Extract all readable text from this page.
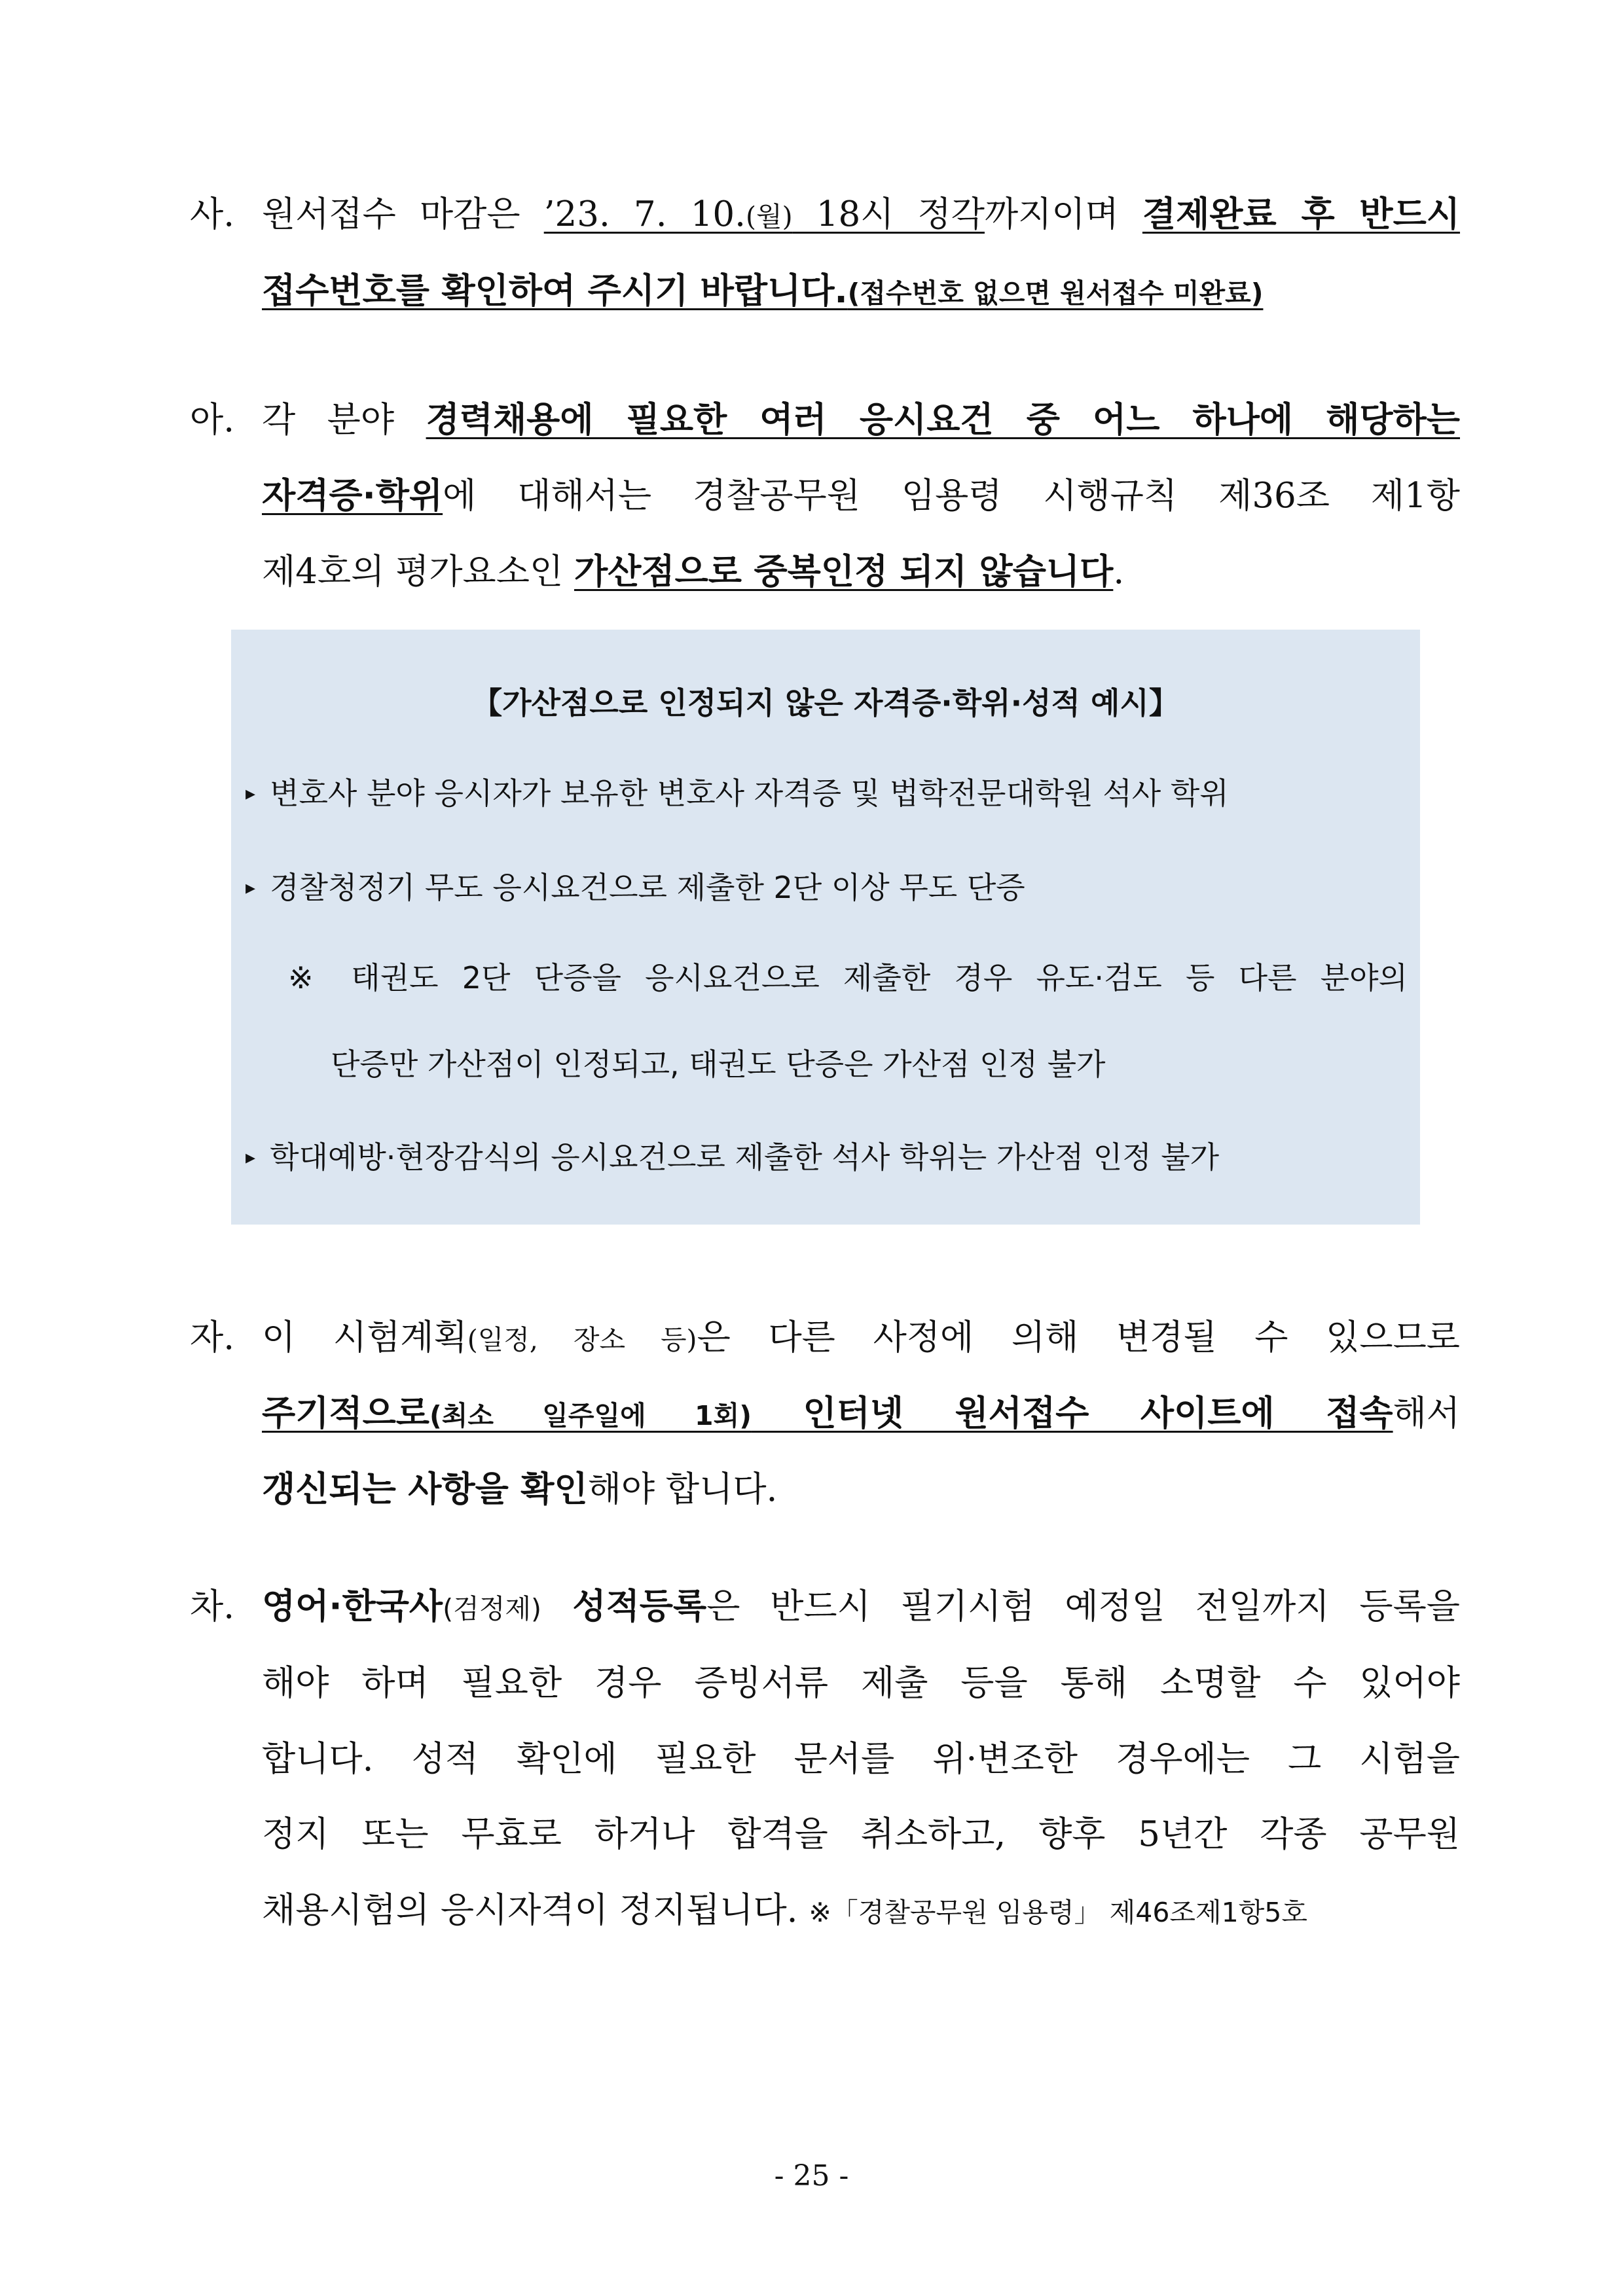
사. 원서접수 마감은 ’23. 7. 10.(월) 18시 정각까지이며 결제완료 후 반드시
접수번호를 확인하여 주시기 바랍니다.(접수번호 없으면 원서접수 미완료)
아. 각 분야 경력채용에 필요한 여러 응시요건 중 어느 하나에 해당하는
자격증·학위에 대해서는 경찰공무원 임용령 시행규칙 제36조 제1항
제4호의 평가요소인 가산점으로 중복인정 되지 않습니다.
【가산점으로 인정되지 않은 자격증·학위·성적 예시】
▸ 변호사 분야 응시자가 보유한 변호사 자격증 및 법학전문대학원 석사 학위
▸ 경찰청정기 무도 응시요건으로 제출한 2단 이상 무도 단증
※ 태권도 2단 단증을 응시요건으로 제출한 경우 유도·검도 등 다른 분야의
단증만 가산점이 인정되고, 태권도 단증은 가산점 인정 불가
▸ 학대예방·현장감식의 응시요건으로 제출한 석사 학위는 가산점 인정 불가
자. 이 시험계획(일정, 장소 등)은 다른 사정에 의해 변경될 수 있으므로
주기적으로(최소 일주일에 1회) 인터넷 원서접수 사이트에 접속해서
갱신되는 사항을 확인해야 합니다.
차. 영어·한국사(검정제) 성적등록은 반드시 필기시험 예정일 전일까지 등록을
해야 하며 필요한 경우 증빙서류 제출 등을 통해 소명할 수 있어야
합니다. 성적 확인에 필요한 문서를 위·변조한 경우에는 그 시험을
정지 또는 무효로 하거나 합격을 취소하고, 향후 5년간 각종 공무원
채용시험의 응시자격이 정지됩니다. ※「경찰공무원 임용령」 제46조제1항5호
- 25 -
